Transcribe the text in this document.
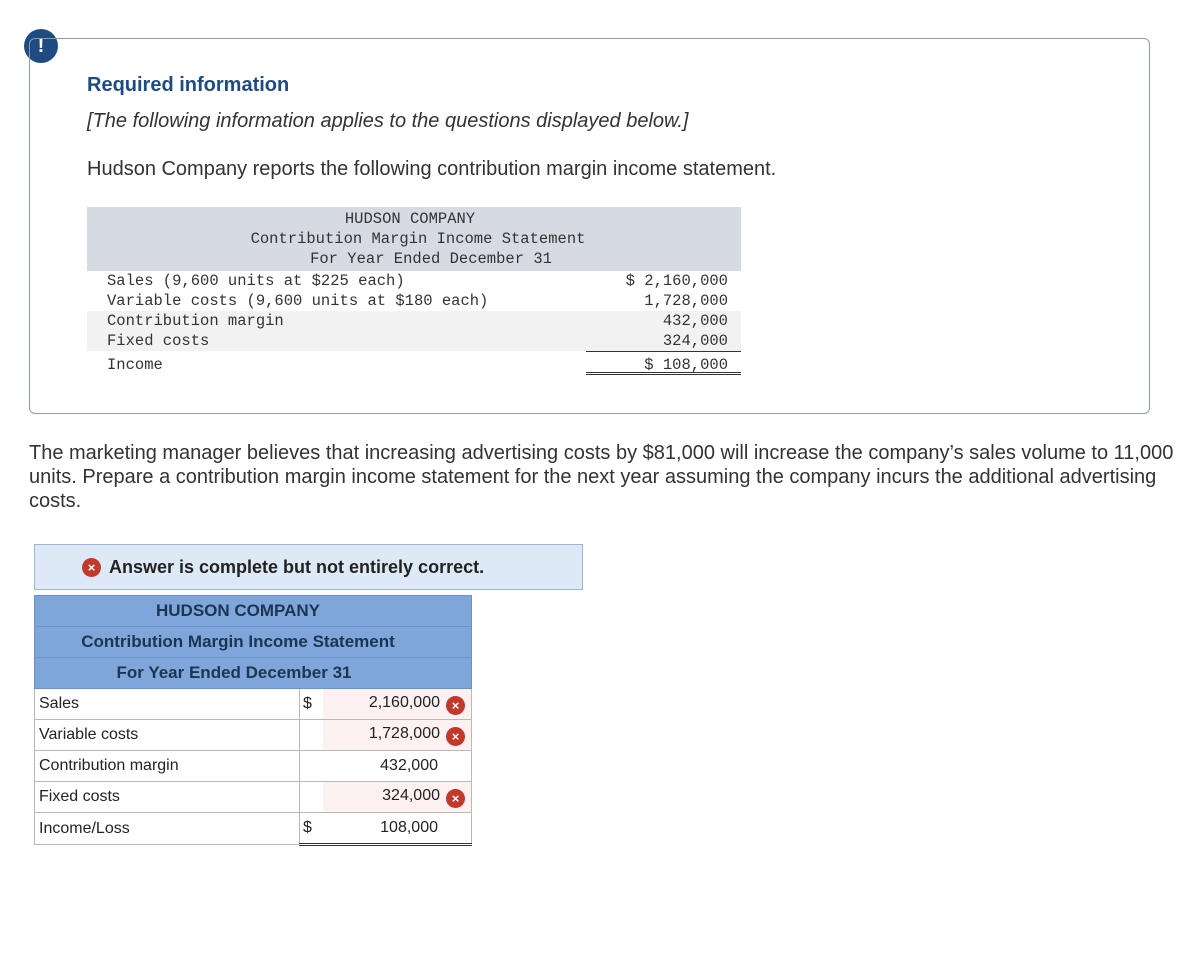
!
Required information
[The following information applies to the questions displayed below.]
Hudson Company reports the following contribution margin income statement.
HUDSON COMPANY
Contribution Margin Income Statement
For Year Ended December 31
Sales (9,600 units at $225 each)	$ 2,160,000
Variable costs (9,600 units at $180 each)	1,728,000
Contribution margin	432,000
Fixed costs	324,000
Income	$ 108,000

The marketing manager believes that increasing advertising costs by $81,000 will increase the company’s sales volume to 11,000 units. Prepare a contribution margin income statement for the next year assuming the company incurs the additional advertising costs.

× Answer is complete but not entirely correct.
HUDSON COMPANY		
Contribution Margin Income Statement		
For Year Ended December 31		
Sales	$	2,160,000 ×
Variable costs		1,728,000 ×
Contribution margin		432,000
Fixed costs		324,000 ×
Income/Loss	$	108,000
